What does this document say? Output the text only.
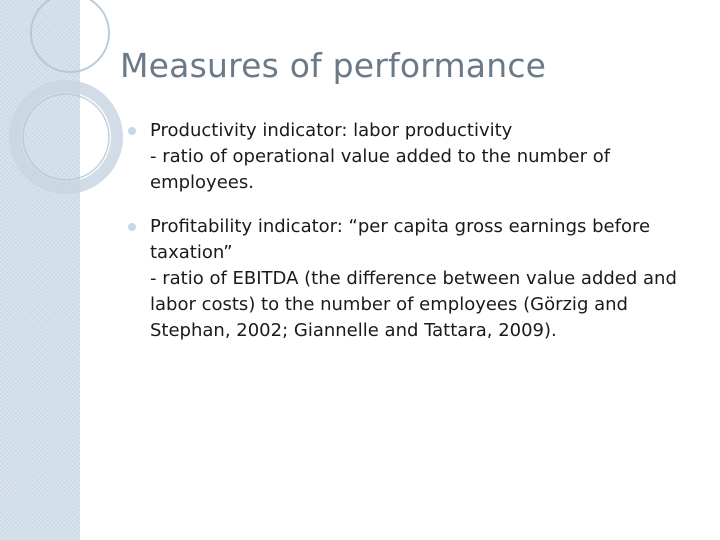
Measures of performance
Productivity indicator: labor productivity
- ratio of operational value added to the number of
employees.
Profitability indicator: “per capita gross earnings before
taxation”
- ratio of EBITDA (the difference between value added and
labor costs) to the number of employees (Görzig and
Stephan, 2002; Giannelle and Tattara, 2009).
